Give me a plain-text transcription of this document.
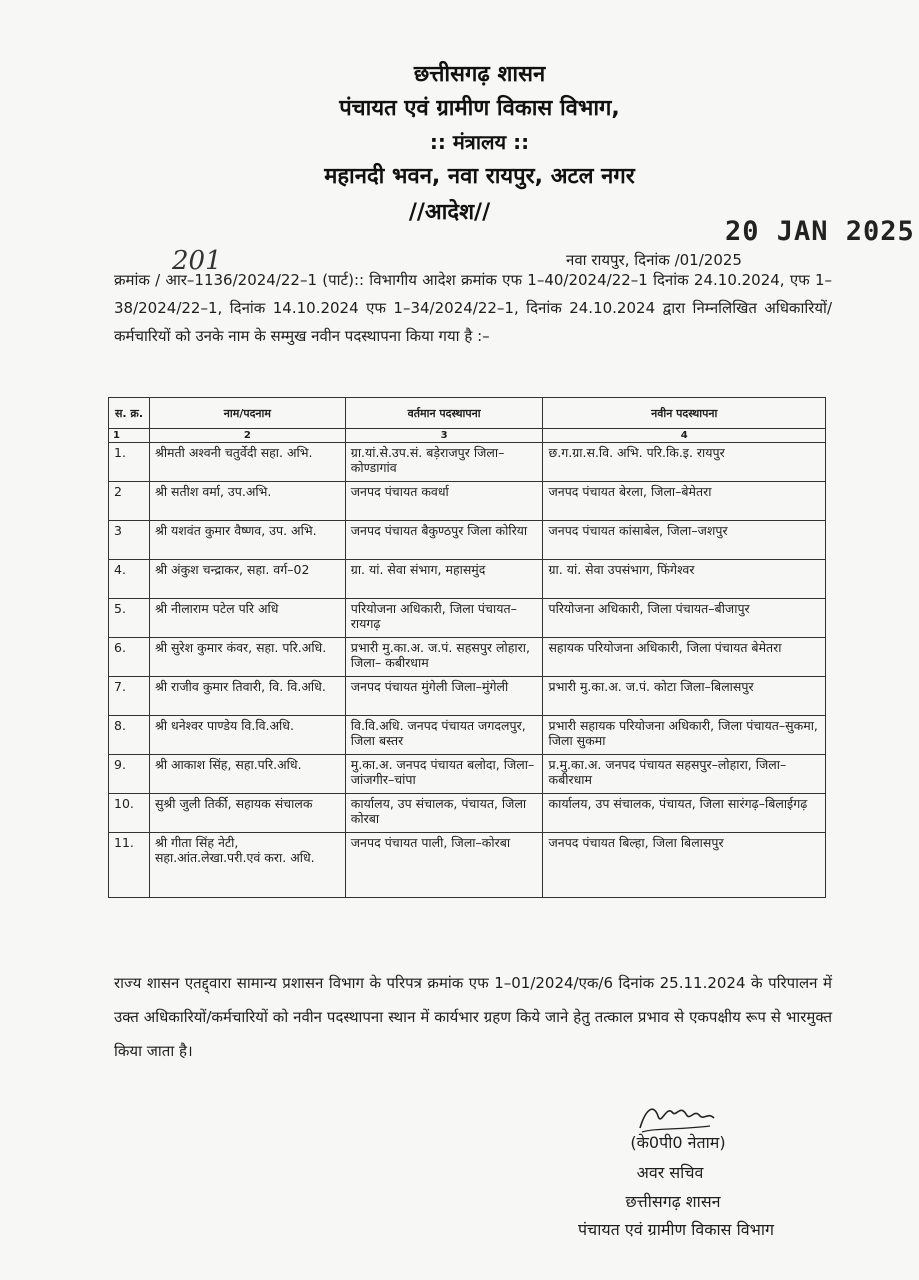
छत्तीसगढ़ शासन
पंचायत एवं ग्रामीण विकास विभाग,
:: मंत्रालय ::
महानदी भवन, नवा रायपुर, अटल नगर
//आदेश//
20 JAN 2025
नवा रायपुर, दिनांक /01/2025
201
क्रमांक / आर–1136/2024/22–1 (पार्ट):: विभागीय आदेश क्रमांक एफ 1–40/2024/22–1 दिनांक 24.10.2024, एफ 1–38/2024/22–1, दिनांक 14.10.2024 एफ 1–34/2024/22–1, दिनांक 24.10.2024 द्वारा निम्नलिखित अधिकारियों/कर्मचारियों को उनके नाम के सम्मुख नवीन पदस्थापना किया गया है :–
स. क्र.	नाम/पदनाम	वर्तमान पदस्थापना	नवीन पदस्थापना
1	2	3	4
1.	श्रीमती अश्वनी चतुर्वेदी सहा. अभि.	ग्रा.यां.से.उप.सं. बड़ेराजपुर जिला–कोण्डागांव	छ.ग.ग्रा.स.वि. अभि. परि.कि.इ. रायपुर
2	श्री सतीश वर्मा, उप.अभि.	जनपद पंचायत कवर्धा	जनपद पंचायत बेरला, जिला–बेमेतरा
3	श्री यशवंत कुमार वैष्णव, उप. अभि.	जनपद पंचायत बैकुण्ठपुर जिला कोरिया	जनपद पंचायत कांसाबेल, जिला–जशपुर
4.	श्री अंकुश चन्द्राकर, सहा. वर्ग–02	ग्रा. यां. सेवा संभाग, महासमुंद	ग्रा. यां. सेवा उपसंभाग, फिंगेश्वर
5.	श्री नीलाराम पटेल परि अधि	परियोजना अधिकारी, जिला पंचायत–रायगढ़	परियोजना अधिकारी, जिला पंचायत–बीजापुर
6.	श्री सुरेश कुमार कंवर, सहा. परि.अधि.	प्रभारी मु.का.अ. ज.पं. सहसपुर लोहारा, जिला– कबीरधाम	सहायक परियोजना अधिकारी, जिला पंचायत बेमेतरा
7.	श्री राजीव कुमार तिवारी, वि. वि.अधि.	जनपद पंचायत मुंगेली जिला–मुंगेली	प्रभारी मु.का.अ. ज.पं. कोटा जिला–बिलासपुर
8.	श्री धनेश्वर पाण्डेय वि.वि.अधि.	वि.वि.अधि. जनपद पंचायत जगदलपुर, जिला बस्तर	प्रभारी सहायक परियोजना अधिकारी, जिला पंचायत–सुकमा, जिला सुकमा
9.	श्री आकाश सिंह, सहा.परि.अधि.	मु.का.अ. जनपद पंचायत बलोदा, जिला–जांजगीर–चांपा	प्र.मु.का.अ. जनपद पंचायत सहसपुर–लोहारा, जिला–कबीरधाम
10.	सुश्री जुली तिर्की, सहायक संचालक	कार्यालय, उप संचालक, पंचायत, जिला कोरबा	कार्यालय, उप संचालक, पंचायत, जिला सारंगढ़–बिलाईगढ़
11.	श्री गीता सिंह नेटी, सहा.आंत.लेखा.परी.एवं करा. अधि.	जनपद पंचायत पाली, जिला–कोरबा	जनपद पंचायत बिल्हा, जिला बिलासपुर
राज्य शासन एतद्द्वारा सामान्य प्रशासन विभाग के परिपत्र क्रमांक एफ 1–01/2024/एक/6 दिनांक 25.11.2024 के परिपालन में उक्त अधिकारियों/कर्मचारियों को नवीन पदस्थापना स्थान में कार्यभार ग्रहण किये जाने हेतु तत्काल प्रभाव से एकपक्षीय रूप से भारमुक्त किया जाता है।
(के0पी0 नेताम)
अवर सचिव
छत्तीसगढ़ शासन
पंचायत एवं ग्रामीण विकास विभाग
